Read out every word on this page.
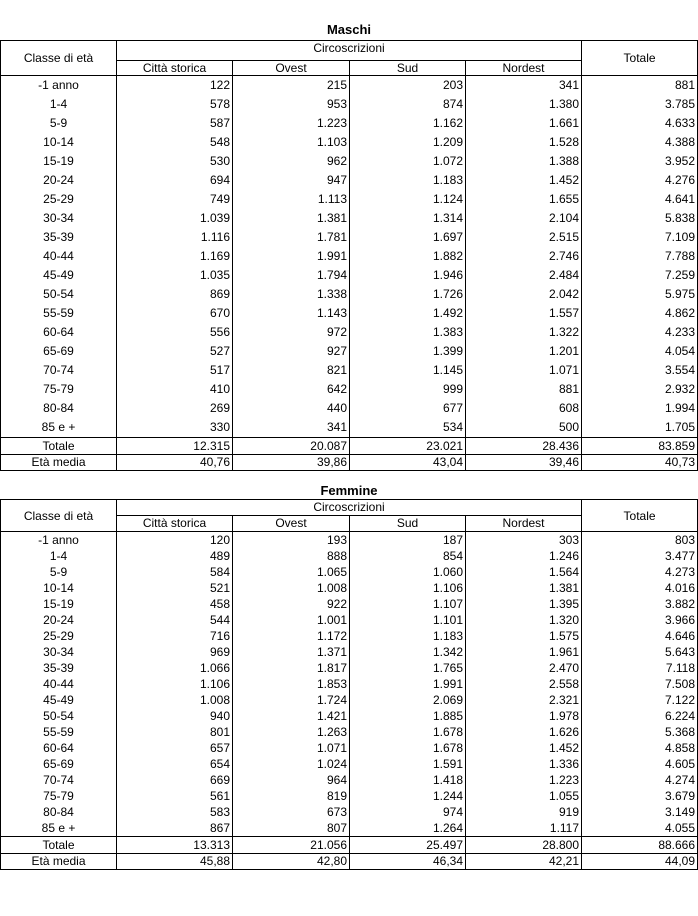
Maschi
Classe di età	Circoscrizioni				Totale
	Città storica	Ovest	Sud	Nordest	
-1 anno	122	215	203	341	881
1-4	578	953	874	1.380	3.785
5-9	587	1.223	1.162	1.661	4.633
10-14	548	1.103	1.209	1.528	4.388
15-19	530	962	1.072	1.388	3.952
20-24	694	947	1.183	1.452	4.276
25-29	749	1.113	1.124	1.655	4.641
30-34	1.039	1.381	1.314	2.104	5.838
35-39	1.116	1.781	1.697	2.515	7.109
40-44	1.169	1.991	1.882	2.746	7.788
45-49	1.035	1.794	1.946	2.484	7.259
50-54	869	1.338	1.726	2.042	5.975
55-59	670	1.143	1.492	1.557	4.862
60-64	556	972	1.383	1.322	4.233
65-69	527	927	1.399	1.201	4.054
70-74	517	821	1.145	1.071	3.554
75-79	410	642	999	881	2.932
80-84	269	440	677	608	1.994
85 e +	330	341	534	500	1.705
Totale	12.315	20.087	23.021	28.436	83.859
Età media	40,76	39,86	43,04	39,46	40,73
Femmine
Classe di età	Circoscrizioni				Totale
	Città storica	Ovest	Sud	Nordest	
-1 anno	120	193	187	303	803
1-4	489	888	854	1.246	3.477
5-9	584	1.065	1.060	1.564	4.273
10-14	521	1.008	1.106	1.381	4.016
15-19	458	922	1.107	1.395	3.882
20-24	544	1.001	1.101	1.320	3.966
25-29	716	1.172	1.183	1.575	4.646
30-34	969	1.371	1.342	1.961	5.643
35-39	1.066	1.817	1.765	2.470	7.118
40-44	1.106	1.853	1.991	2.558	7.508
45-49	1.008	1.724	2.069	2.321	7.122
50-54	940	1.421	1.885	1.978	6.224
55-59	801	1.263	1.678	1.626	5.368
60-64	657	1.071	1.678	1.452	4.858
65-69	654	1.024	1.591	1.336	4.605
70-74	669	964	1.418	1.223	4.274
75-79	561	819	1.244	1.055	3.679
80-84	583	673	974	919	3.149
85 e +	867	807	1.264	1.117	4.055
Totale	13.313	21.056	25.497	28.800	88.666
Età media	45,88	42,80	46,34	42,21	44,09
